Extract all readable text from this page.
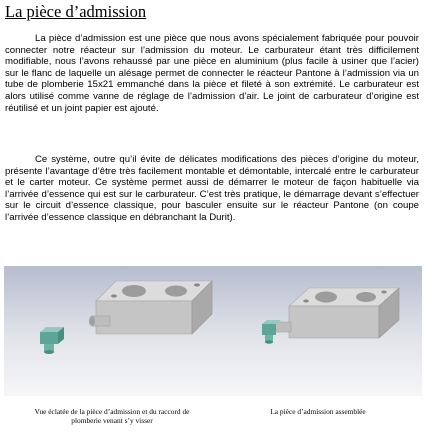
La pièce d’admission

La pièce d’admission est une pièce que nous avons spécialement fabriquée pour pouvoir connecter notre réacteur sur l’admission du moteur. Le carburateur étant très difficilement modifiable, nous l’avons rehaussé par une pièce en aluminium (plus facile à usiner que l’acier) sur le flanc de laquelle un alésage permet de connecter le réacteur Pantone à l’admission via un tube de plomberie 15x21 emmanché dans la pièce et fileté à son extrémité. Le carburateur est alors utilisé comme vanne de réglage de l’admission d’air. Le joint de carburateur d’origine est réutilisé et un joint papier est ajouté.

Ce système, outre qu’il évite de délicates modifications des pièces d’origine du moteur, présente l’avantage d’être très facilement montable et démontable, intercalé entre le carburateur et le carter moteur. Ce système permet aussi de démarrer le moteur de façon habituelle via l’arrivée d’essence qui est sur le carburateur. C’est très pratique, le démarrage devant s’effectuer sur le circuit d’essence classique, pour basculer ensuite sur le réacteur Pantone (on coupe l’arrivée d’essence classique en débranchant la Durit).

Vue éclatée de la pièce d’admission et du raccord de
plomberie venant s’y visser
La pièce d’admission assemblée
